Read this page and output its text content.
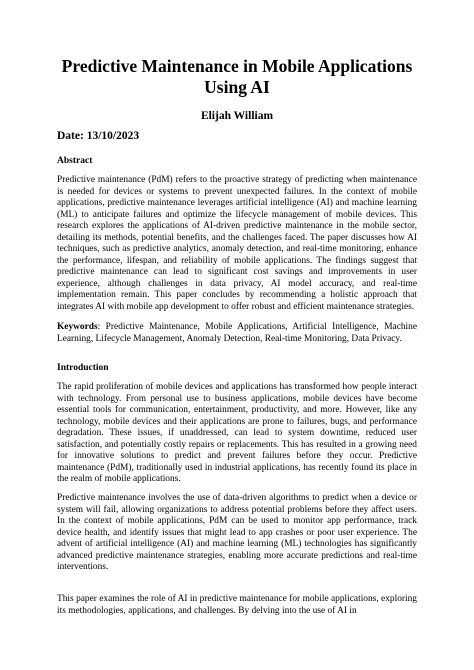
Predictive Maintenance in Mobile Applications Using AI
Elijah William
Date: 13/10/2023
Abstract
Predictive maintenance (PdM) refers to the proactive strategy of predicting when maintenance is needed for devices or systems to prevent unexpected failures. In the context of mobile applications, predictive maintenance leverages artificial intelligence (AI) and machine learning (ML) to anticipate failures and optimize the lifecycle management of mobile devices. This research explores the applications of AI-driven predictive maintenance in the mobile sector, detailing its methods, potential benefits, and the challenges faced. The paper discusses how AI techniques, such as predictive analytics, anomaly detection, and real-time monitoring, enhance the performance, lifespan, and reliability of mobile applications. The findings suggest that predictive maintenance can lead to significant cost savings and improvements in user experience, although challenges in data privacy, AI model accuracy, and real-time implementation remain. This paper concludes by recommending a holistic approach that integrates AI with mobile app development to offer robust and efficient maintenance strategies.
Keywords: Predictive Maintenance, Mobile Applications, Artificial Intelligence, Machine Learning, Lifecycle Management, Anomaly Detection, Real-time Monitoring, Data Privacy.
Introduction
The rapid proliferation of mobile devices and applications has transformed how people interact with technology. From personal use to business applications, mobile devices have become essential tools for communication, entertainment, productivity, and more. However, like any technology, mobile devices and their applications are prone to failures, bugs, and performance degradation. These issues, if unaddressed, can lead to system downtime, reduced user satisfaction, and potentially costly repairs or replacements. This has resulted in a growing need for innovative solutions to predict and prevent failures before they occur. Predictive maintenance (PdM), traditionally used in industrial applications, has recently found its place in the realm of mobile applications.
Predictive maintenance involves the use of data-driven algorithms to predict when a device or system will fail, allowing organizations to address potential problems before they affect users. In the context of mobile applications, PdM can be used to monitor app performance, track device health, and identify issues that might lead to app crashes or poor user experience. The advent of artificial intelligence (AI) and machine learning (ML) technologies has significantly advanced predictive maintenance strategies, enabling more accurate predictions and real-time interventions.
This paper examines the role of AI in predictive maintenance for mobile applications, exploring its methodologies, applications, and challenges. By delving into the use of AI in
